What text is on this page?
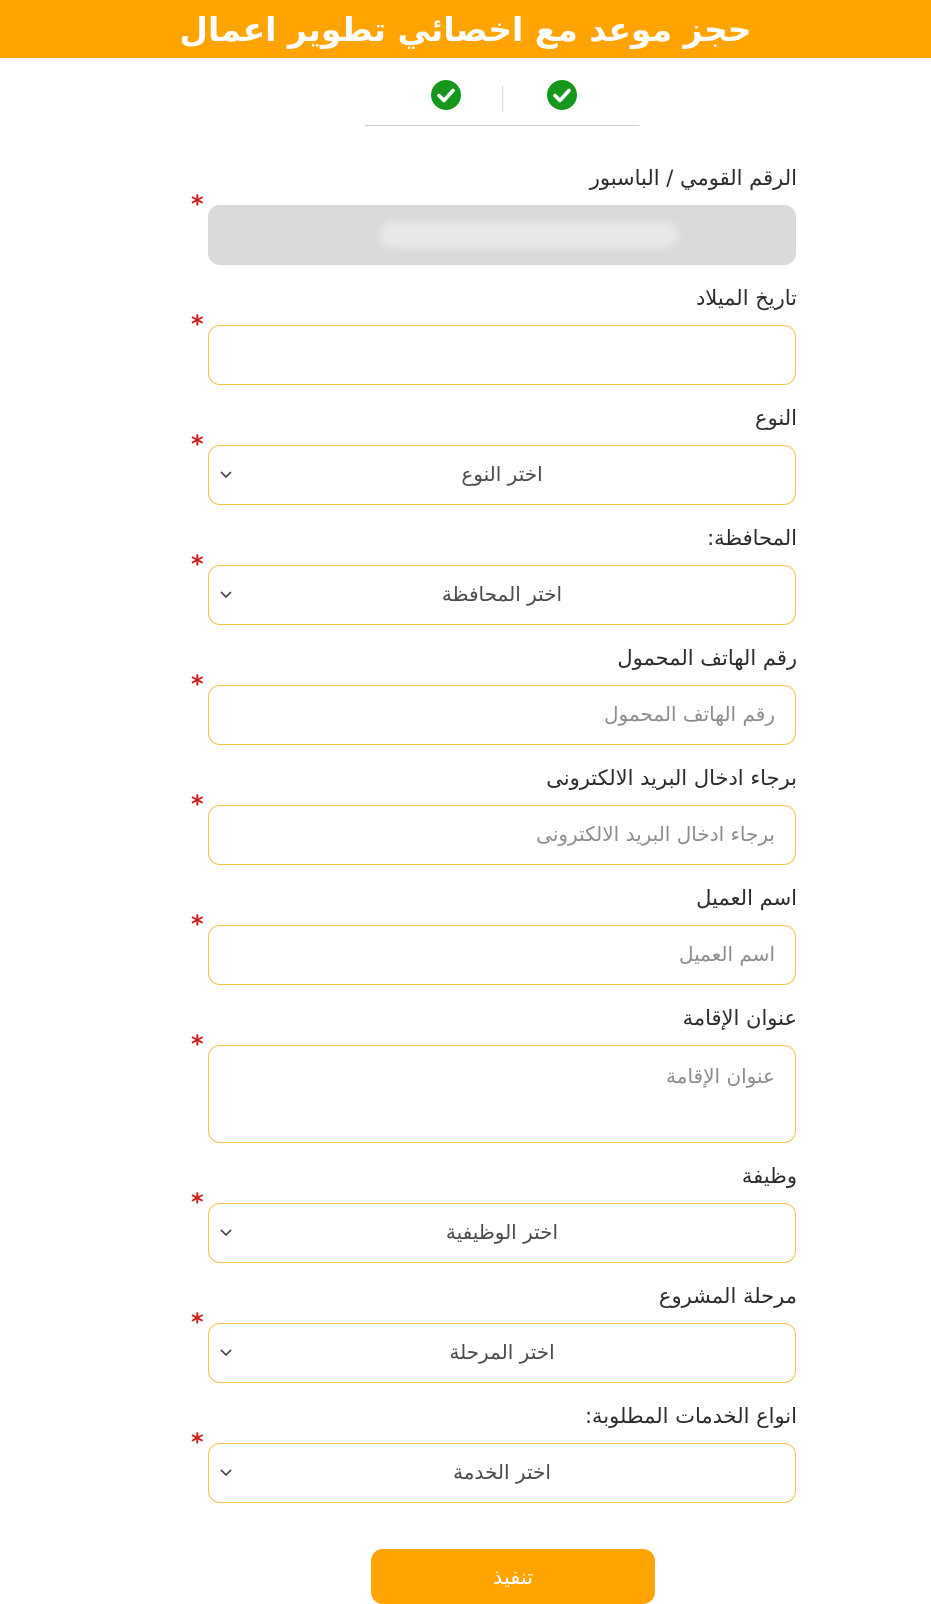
حجز موعد مع اخصائي تطوير اعمال
الرقم القومي / الباسبور
*
تاريخ الميلاد
*
النوع
*
اختر النوع
المحافظة:
*
اختر المحافظة
رقم الهاتف المحمول
*
رقم الهاتف المحمول
برجاء ادخال البريد الالكترونى
*
برجاء ادخال البريد الالكترونى
اسم العميل
*
اسم العميل
عنوان الإقامة
*
عنوان الإقامة
وظيفة
*
اختر الوظيفية
مرحلة المشروع
*
اختر المرحلة
انواع الخدمات المطلوبة:
*
اختر الخدمة
تنفيذ
